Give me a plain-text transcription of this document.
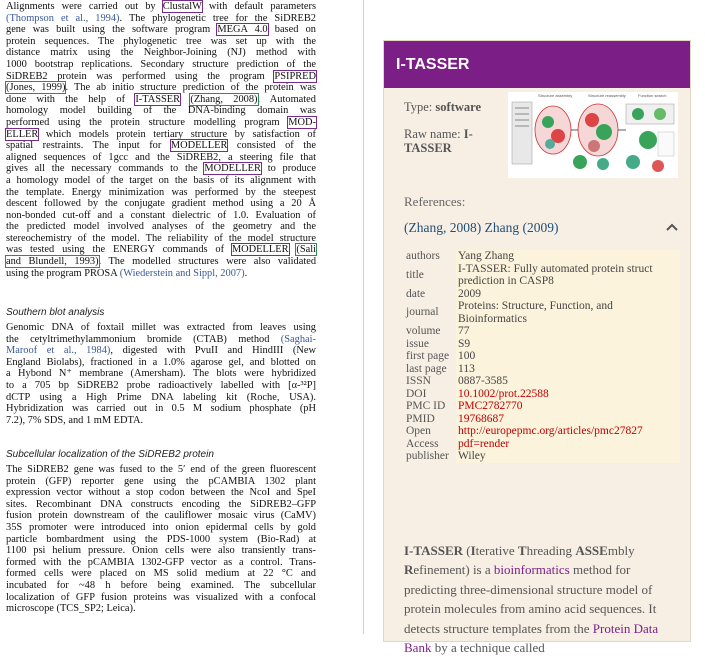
Alignments were carried out by ClustalW with default parameters
(Thompson et al., 1994). The phylogenetic tree for the SiDREB2
gene was built using the software program MEGA 4.0 based on
protein sequences. The phylogenetic tree was set up with the
distance matrix using the Neighbor-Joining (NJ) method with
1000 bootstrap replications. Secondary structure prediction of the
SiDREB2 protein was performed using the program PSIPRED
(Jones, 1999). The ab initio structure prediction of the protein was
done with the help of I-TASSER (Zhang, 2008). Automated
homology model building of the DNA-binding domain was
performed using the protein structure modelling program MOD-
ELLER which models protein tertiary structure by satisfaction of
spatial restraints. The input for MODELLER consisted of the
aligned sequences of 1gcc and the SiDREB2, a steering file that
gives all the necessary commands to the MODELLER to produce
a homology model of the target on the basis of its alignment with
the template. Energy minimization was performed by the steepest
descent followed by the conjugate gradient method using a 20 Å
non-bonded cut-off and a constant dielectric of 1.0. Evaluation of
the predicted model involved analyses of the geometry and the
stereochemistry of the model. The reliability of the model structure
was tested using the ENERGY commands of MODELLER (Sali
and Blundell, 1993). The modelled structures were also validated
using the program PROSA (Wiederstein and Sippl, 2007).
Southern blot analysis
Genomic DNA of foxtail millet was extracted from leaves using
the cetyltrimethylammonium bromide (CTAB) method (Saghai-
Maroof et al., 1984), digested with PvuII and HindIII (New
England Biolabs), fractioned in a 1.0% agarose gel, and blotted on
a Hybond N⁺ membrane (Amersham). The blots were hybridized
to a 705 bp SiDREB2 probe radioactively labelled with [α-³²P]
dCTP using a High Prime DNA labeling kit (Roche, USA).
Hybridization was carried out in 0.5 M sodium phosphate (pH
7.2), 7% SDS, and 1 mM EDTA.
Subcellular localization of the SiDREB2 protein
The SiDREB2 gene was fused to the 5′ end of the green fluorescent
protein (GFP) reporter gene using the pCAMBIA 1302 plant
expression vector without a stop codon between the NcoI and SpeI
sites. Recombinant DNA constructs encoding the SiDREB2–GFP
fusion protein downstream of the cauliflower mosaic virus (CaMV)
35S promoter were introduced into onion epidermal cells by gold
particle bombardment using the PDS-1000 system (Bio-Rad) at
1100 psi helium pressure. Onion cells were also transiently trans-
formed with the pCAMBIA 1302-GFP vector as a control. Trans-
formed cells were placed on MS solid medium at 22 °C and
incubated for ~48 h before being examined. The subcellular
localization of GFP fusion proteins was visualized with a confocal
microscope (TCS_SP2; Leica).
I-TASSER
Type: software
Raw name: I-
TASSER
Structure assembly	Structure reassembly	Function search
References:
(Zhang, 2008) Zhang (2009)
authors	Yang Zhang
title	I-TASSER: Fully automated protein struct prediction in CASP8
date	2009
journal	Proteins: Structure, Function, and Bioinformatics
volume	77
issue	S9
first page	100
last page	113
ISSN	0887-3585
DOI	10.1002/prot.22588
PMC ID	PMC2782770
PMID	19768687
Open Access	http://europepmc.org/articles/pmc27827 pdf=render
publisher	Wiley
I-TASSER (Iterative Threading ASSEmbly Refinement) is a bioinformatics method for predicting three-dimensional structure model of protein molecules from amino acid sequences. It detects structure templates from the Protein Data Bank by a technique called
